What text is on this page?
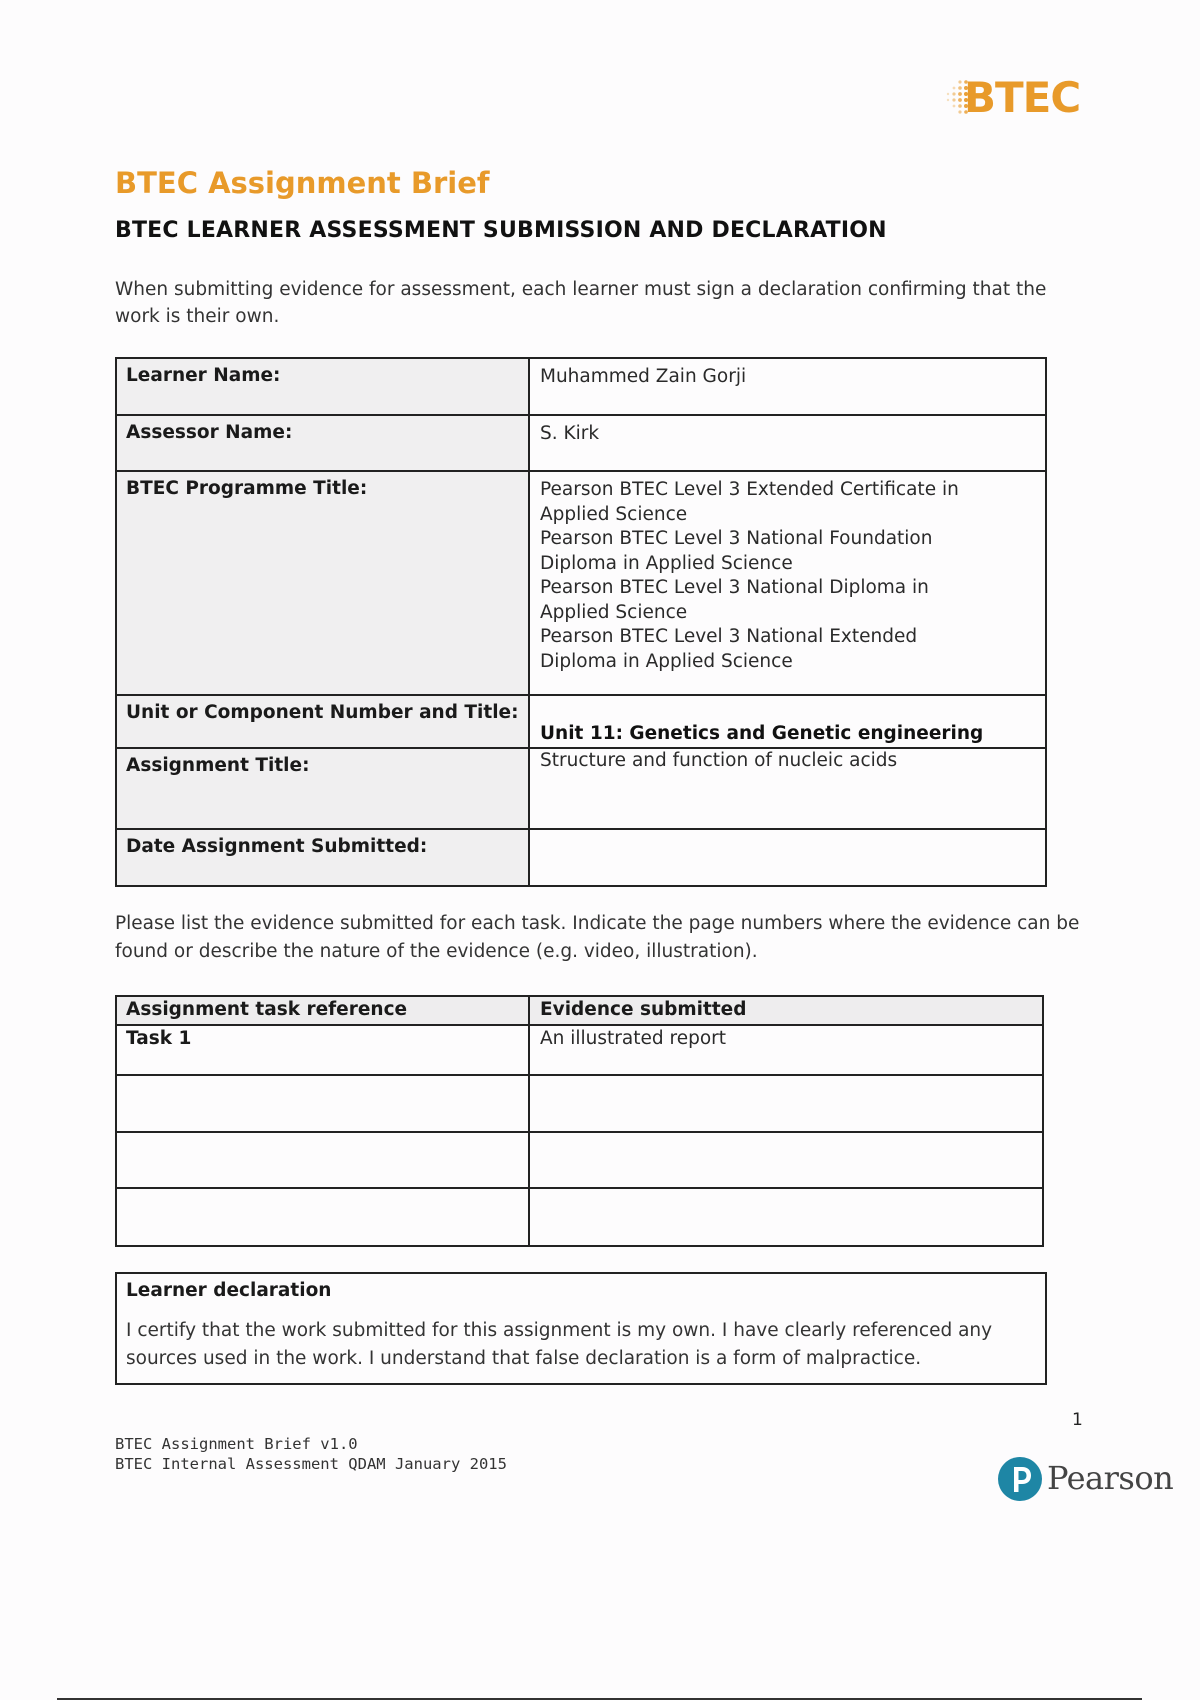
BTEC
BTEC Assignment Brief
BTEC LEARNER ASSESSMENT SUBMISSION AND DECLARATION

When submitting evidence for assessment, each learner must sign a declaration confirming that the work is their own.

Learner Name:	Muhammed Zain Gorji
Assessor Name:	S. Kirk
BTEC Programme Title:	Pearson BTEC Level 3 Extended Certificate in
Applied Science
Pearson BTEC Level 3 National Foundation
Diploma in Applied Science
Pearson BTEC Level 3 National Diploma in
Applied Science
Pearson BTEC Level 3 National Extended
Diploma in Applied Science
Unit or Component Number and Title:
Unit 11: Genetics and Genetic engineering
Assignment Title:	Structure and function of nucleic acids
Date Assignment Submitted:

Please list the evidence submitted for each task. Indicate the page numbers where the evidence can be found or describe the nature of the evidence (e.g. video, illustration).

Assignment task reference	Evidence submitted
Task 1	An illustrated report

Learner declaration

I certify that the work submitted for this assignment is my own. I have clearly referenced any sources used in the work. I understand that false declaration is a form of malpractice.

1
BTEC Assignment Brief v1.0
BTEC Internal Assessment QDAM January 2015	Pearson
